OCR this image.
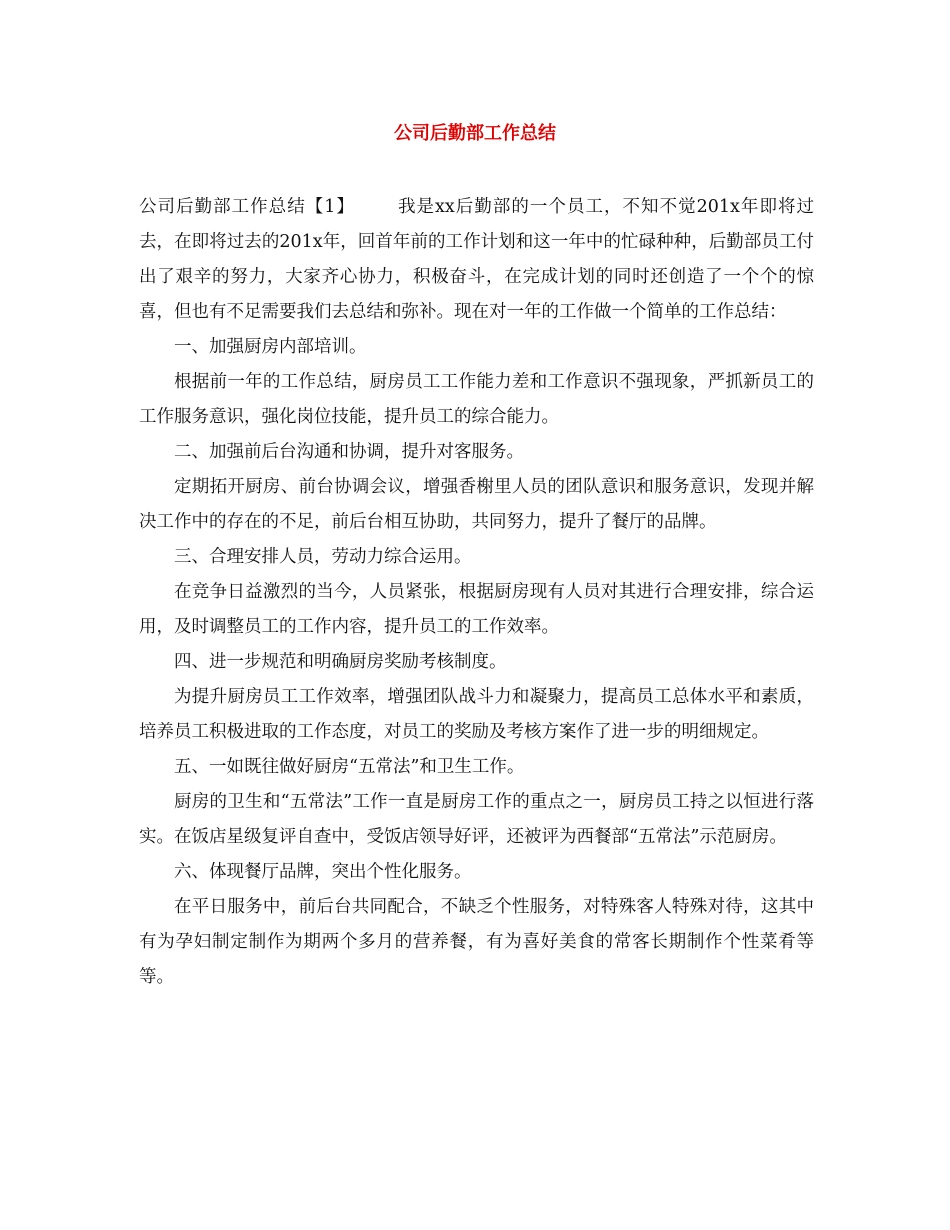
公司后勤部工作总结

公司后勤部工作总结【1】 我是xx后勤部的一个员工，不知不觉201x年即将过去，在即将过去的201x年，回首年前的工作计划和这一年中的忙碌种种，后勤部员工付出了艰辛的努力，大家齐心协力，积极奋斗，在完成计划的同时还创造了一个个的惊喜，但也有不足需要我们去总结和弥补。现在对一年的工作做一个简单的工作总结：

一、加强厨房内部培训。

根据前一年的工作总结，厨房员工工作能力差和工作意识不强现象，严抓新员工的工作服务意识，强化岗位技能，提升员工的综合能力。

二、加强前后台沟通和协调，提升对客服务。

定期拓开厨房、前台协调会议，增强香榭里人员的团队意识和服务意识，发现并解决工作中的存在的不足，前后台相互协助，共同努力，提升了餐厅的品牌。

三、合理安排人员，劳动力综合运用。

在竞争日益激烈的当今，人员紧张，根据厨房现有人员对其进行合理安排，综合运用，及时调整员工的工作内容，提升员工的工作效率。

四、进一步规范和明确厨房奖励考核制度。

为提升厨房员工工作效率，增强团队战斗力和凝聚力，提高员工总体水平和素质，培养员工积极进取的工作态度，对员工的奖励及考核方案作了进一步的明细规定。

五、一如既往做好厨房“五常法”和卫生工作。

厨房的卫生和“五常法”工作一直是厨房工作的重点之一，厨房员工持之以恒进行落实。在饭店星级复评自查中，受饭店领导好评，还被评为西餐部“五常法”示范厨房。

六、体现餐厅品牌，突出个性化服务。

在平日服务中，前后台共同配合，不缺乏个性服务，对特殊客人特殊对待，这其中有为孕妇制定制作为期两个多月的营养餐，有为喜好美食的常客长期制作个性菜肴等等。
